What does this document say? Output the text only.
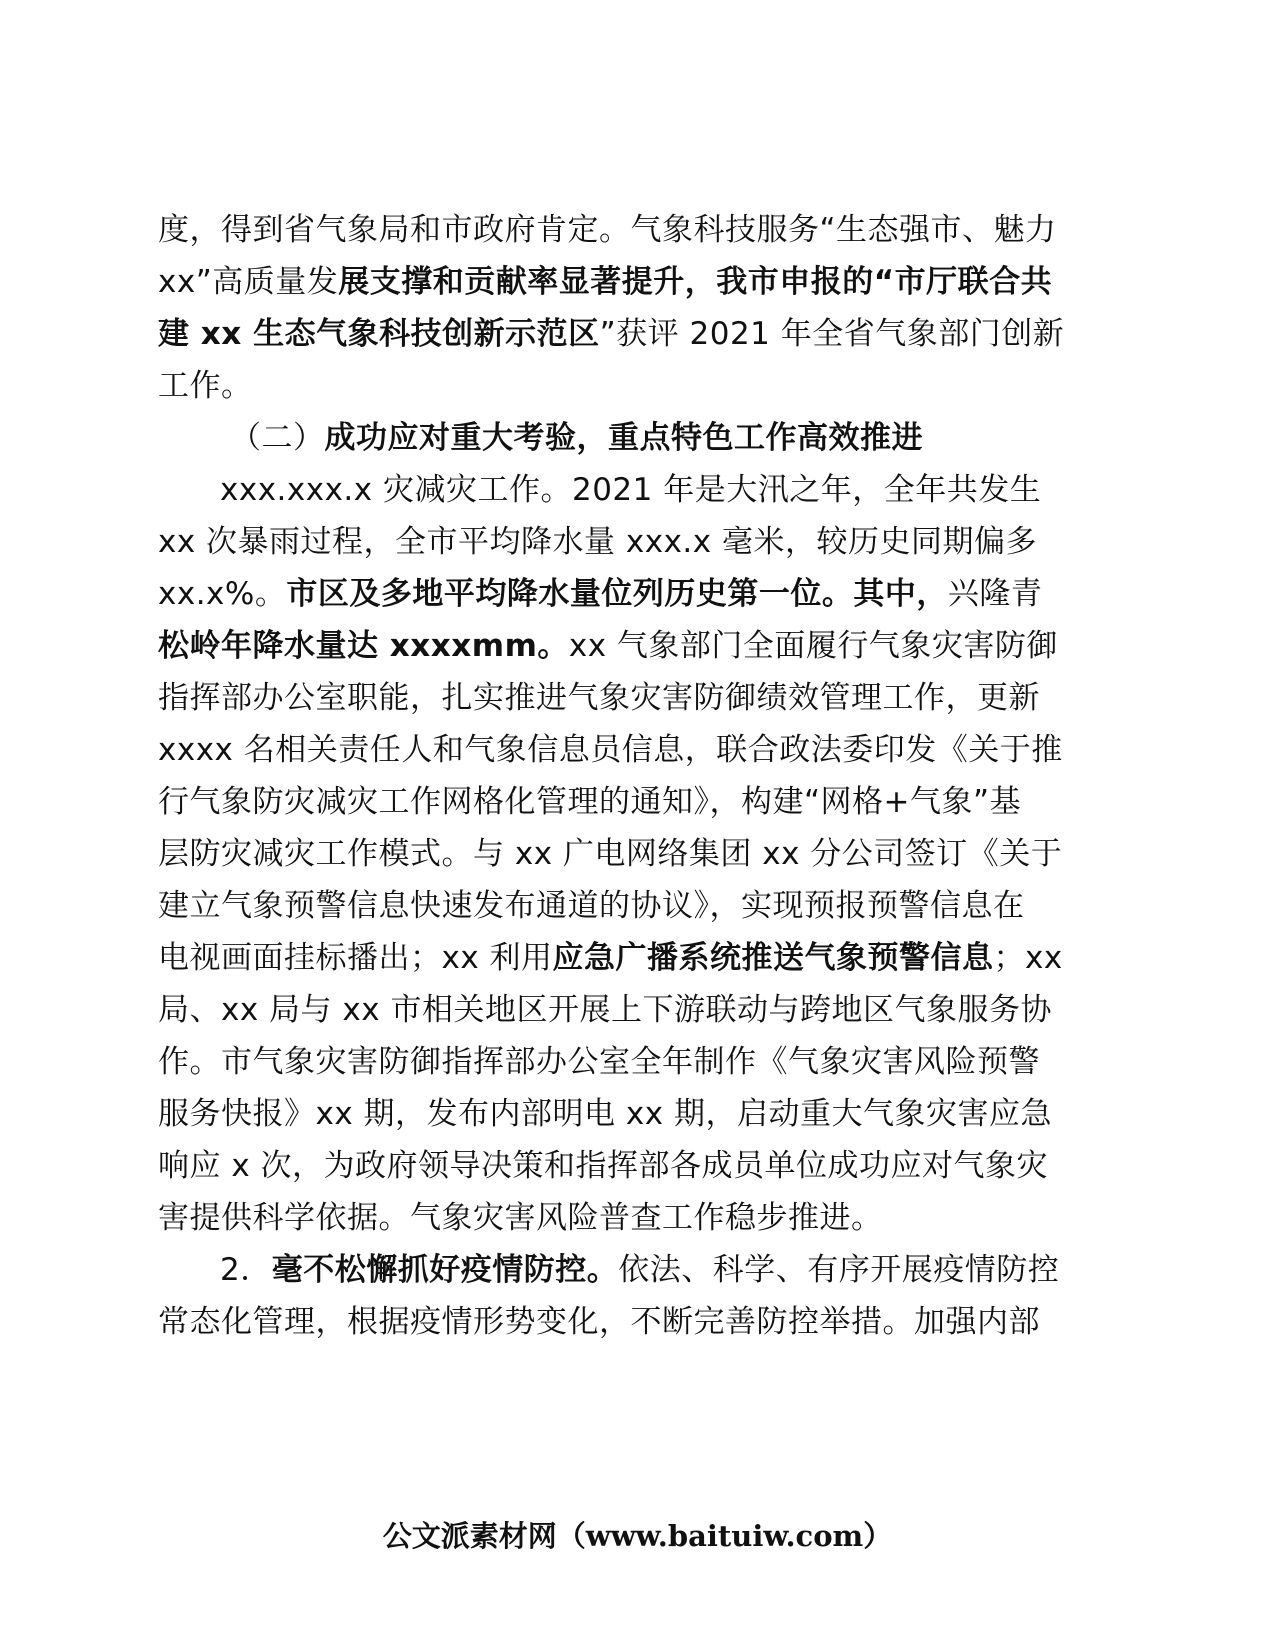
度，得到省气象局和市政府肯定。气象科技服务“生态强市、魅力
xx”高质量发展支撑和贡献率显著提升，我市申报的“市厅联合共
建 xx 生态气象科技创新示范区”获评 2021 年全省气象部门创新
工作。
（二）成功应对重大考验，重点特色工作高效推进
xxx.xxx.x 灾减灾工作。2021 年是大汛之年，全年共发生
xx 次暴雨过程，全市平均降水量 xxx.x 毫米，较历史同期偏多
xx.x%。市区及多地平均降水量位列历史第一位。其中，兴隆青
松岭年降水量达 xxxxmm。xx 气象部门全面履行气象灾害防御
指挥部办公室职能，扎实推进气象灾害防御绩效管理工作，更新
xxxx 名相关责任人和气象信息员信息，联合政法委印发《关于推
行气象防灾减灾工作网格化管理的通知》，构建“网格+气象”基
层防灾减灾工作模式。与 xx 广电网络集团 xx 分公司签订《关于
建立气象预警信息快速发布通道的协议》，实现预报预警信息在
电视画面挂标播出；xx 利用应急广播系统推送气象预警信息；xx
局、xx 局与 xx 市相关地区开展上下游联动与跨地区气象服务协
作。市气象灾害防御指挥部办公室全年制作《气象灾害风险预警
服务快报》xx 期，发布内部明电 xx 期，启动重大气象灾害应急
响应 x 次，为政府领导决策和指挥部各成员单位成功应对气象灾
害提供科学依据。气象灾害风险普查工作稳步推进。
2．毫不松懈抓好疫情防控。依法、科学、有序开展疫情防控
常态化管理，根据疫情形势变化，不断完善防控举措。加强内部
公文派素材网（www.baituiw.com）
